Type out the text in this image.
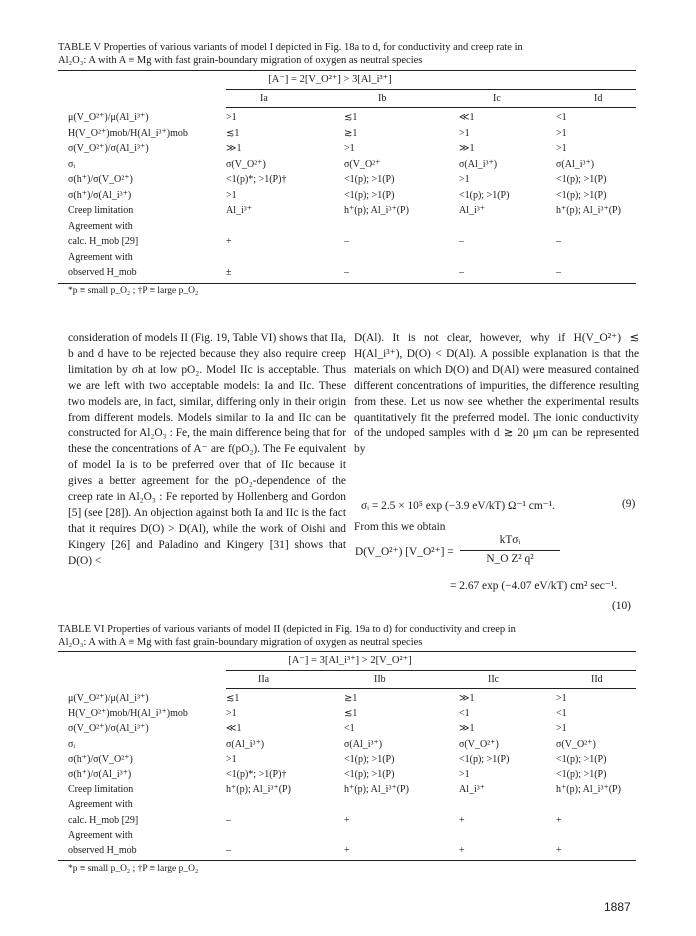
TABLE V Properties of various variants of model I depicted in Fig. 18a to d, for conductivity and creep rate in
Al₂O₃: A with A ≡ Mg with fast grain-boundary migration of oxygen as neutral species
[A⁻] = 2[V_O²⁺] > 3[Al_i³⁺]
Ia	Ib	Ic	Id
μ(V_O²⁺)/μ(Al_i³⁺)	>1	≲1	≪1	<1
H(V_O²⁺)mob/H(Al_i³⁺)mob	≲1	≳1	>1	>1
σ(V_O²⁺)/σ(Al_i³⁺)	≫1	>1	≫1	>1
σᵢ	σ(V_O²⁺)	σ(V_O²⁺	σ(Al_i³⁺)	σ(Al_i³⁺)
σ(h⁺)/σ(V_O²⁺)	<1(p)*; >1(P)†	<1(p); >1(P)	>1	<1(p); >1(P)
σ(h⁺)/σ(Al_i³⁺)	>1	<1(p); >1(P)	<1(p); >1(P)	<1(p); >1(P)
Creep limitation	Al_i³⁺	h⁺(p); Al_i³⁺(P)	Al_i³⁺	h⁺(p); Al_i³⁺(P)
Agreement with
calc. H_mob [29]	+	–	–	–
Agreement with
observed H_mob	±	–	–	–
*p ≡ small p_O₂ ; †P ≡ large p_O₂

consideration of models II (Fig. 19, Table VI) shows that IIa, b and d have to be rejected because they also require creep limitation by σh at low pO₂. Model IIc is acceptable. Thus we are left with two acceptable models: Ia and IIc. These two models are, in fact, similar, differing only in their origin from different models. Models similar to Ia and IIc can be constructed for Al₂O₃ : Fe, the main difference being that for these the concentrations of A⁻ are f(pO₂). The Fe equivalent of model Ia is to be preferred over that of IIc because it gives a better agreement for the pO₂-dependence of the creep rate in Al₂O₃ : Fe reported by Hollenberg and Gordon [5] (see [28]). An objection against both Ia and IIc is the fact that it requires D(O) > D(Al), while the work of Oishi and Kingery [26] and Paladino and Kingery [31] shows that D(O) <

D(Al). It is not clear, however, why if H(V_O²⁺) ≲ H(Al_i³⁺), D(O) < D(Al). A possible explanation is that the materials on which D(O) and D(Al) were measured contained different concentrations of impurities, the difference resulting from these. Let us now see whether the experimental results quantitatively fit the preferred model. The ionic conductivity of the undoped samples with d ≳ 20 μm can be represented by

σᵢ = 2.5 × 10⁵ exp (−3.9 eV/kT) Ω⁻¹ cm⁻¹.	(9)
From this we obtain
D(V_O²⁺) [V_O²⁺] =
kTσᵢ
N_O Z² q²
= 2.67 exp (−4.07 eV/kT) cm² sec⁻¹.
(10)
TABLE VI Properties of various variants of model II (depicted in Fig. 19a to d) for conductivity and creep in
Al₂O₃: A with A ≡ Mg with fast grain-boundary migration of oxygen as neutral species
[A⁻] = 3[Al_i³⁺] > 2[V_O²⁺]
IIa	IIb	IIc	IId
μ(V_O²⁺)/μ(Al_i³⁺)	≲1	≳1	≫1	>1
H(V_O²⁺)mob/H(Al_i³⁺)mob	>1	≲1	<1	<1
σ(V_O²⁺)/σ(Al_i³⁺)	≪1	<1	≫1	>1
σᵢ	σ(Al_i³⁺)	σ(Al_i³⁺)	σ(V_O²⁺)	σ(V_O²⁺)
σ(h⁺)/σ(V_O²⁺)	>1	<1(p); >1(P)	<1(p); >1(P)	<1(p); >1(P)
σ(h⁺)/σ(Al_i³⁺)	<1(p)*; >1(P)†	<1(p); >1(P)	>1	<1(p); >1(P)
Creep limitation	h⁺(p); Al_i³⁺(P)	h⁺(p); Al_i³⁺(P)	Al_i³⁺	h⁺(p); Al_i³⁺(P)
Agreement with
calc. H_mob [29]	–	+	+	+
Agreement with
observed H_mob	–	+	+	+
*p ≡ small p_O₂ ; †P ≡ large p_O₂
1887
